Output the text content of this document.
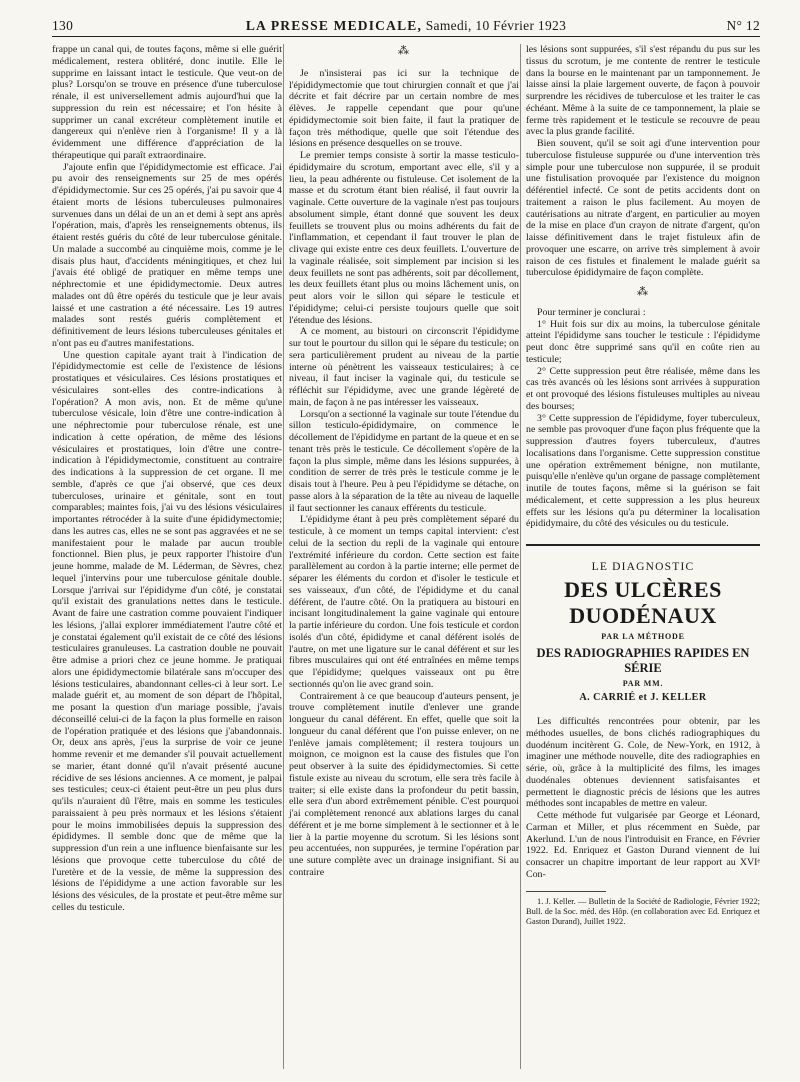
130	LA PRESSE MEDICALE, Samedi, 10 Février 1923	N° 12

frappe un canal qui, de toutes façons, même si elle guérit médicalement, restera oblitéré, donc inutile. Elle le supprime en laissant intact le testicule. Que veut-on de plus? Lorsqu'on se trouve en présence d'une tuberculose rénale, il est universellement admis aujourd'hui que la suppression du rein est nécessaire; et l'on hésite à supprimer un canal excréteur complètement inutile et dangereux qui n'enlève rien à l'organisme! Il y a là évidemment une différence d'appréciation de la thérapeutique qui paraît extraordinaire.

J'ajoute enfin que l'épididymectomie est efficace. J'ai pu avoir des renseignements sur 25 de mes opérés d'épididymectomie. Sur ces 25 opérés, j'ai pu savoir que 4 étaient morts de lésions tuberculeuses pulmonaires survenues dans un délai de un an et demi à sept ans après l'opération, mais, d'après les renseignements obtenus, ils étaient restés guéris du côté de leur tuberculose génitale. Un malade a succombé au cinquième mois, comme je le disais plus haut, d'accidents méningitiques, et chez lui j'avais été obligé de pratiquer en même temps une néphrectomie et une épididymectomie. Deux autres malades ont dû être opérés du testicule que je leur avais laissé et une castration a été nécessaire. Les 19 autres malades sont restés guéris complètement et définitivement de leurs lésions tuberculeuses génitales et n'ont pas eu d'autres manifestations.

Une question capitale ayant trait à l'indication de l'épididymectomie est celle de l'existence de lésions prostatiques et vésiculaires. Ces lésions prostatiques et vésiculaires sont-elles des contre-indications à l'opération? A mon avis, non. Et de même qu'une tuberculose vésicale, loin d'être une contre-indication à une néphrectomie pour tuberculose rénale, est une indication à cette opération, de même des lésions vésiculaires et prostatiques, loin d'être une contre-indication à l'épididymectomie, constituent au contraire des indications à la suppression de cet organe. Il me semble, d'après ce que j'ai observé, que ces deux tuberculoses, urinaire et génitale, sont en tout comparables; maintes fois, j'ai vu des lésions vésiculaires importantes rétrocéder à la suite d'une épididymectomie; dans les autres cas, elles ne se sont pas aggravées et ne se manifestaient pour le malade par aucun trouble fonctionnel. Bien plus, je peux rapporter l'histoire d'un jeune homme, malade de M. Léderman, de Sèvres, chez lequel j'intervins pour une tuberculose génitale double. Lorsque j'arrivai sur l'épididyme d'un côté, je constatai qu'il existait des granulations nettes dans le testicule. Avant de faire une castration comme pouvaient l'indiquer les lésions, j'allai explorer immédiatement l'autre côté et je constatai également qu'il existait de ce côté des lésions testiculaires granuleuses. La castration double ne pouvait être admise a priori chez ce jeune homme. Je pratiquai alors une épididymectomie bilatérale sans m'occuper des lésions testiculaires, abandonnant celles-ci à leur sort. Le malade guérit et, au moment de son départ de l'hôpital, me posant la question d'un mariage possible, j'avais déconseillé celui-ci de la façon la plus formelle en raison de l'opération pratiquée et des lésions que j'abandonnais. Or, deux ans après, j'eus la surprise de voir ce jeune homme revenir et me demander s'il pouvait actuellement se marier, étant donné qu'il n'avait présenté aucune récidive de ses lésions anciennes. A ce moment, je palpai ses testicules; ceux-ci étaient peut-être un peu plus durs qu'ils n'auraient dû l'être, mais en somme les testicules paraissaient à peu près normaux et les lésions s'étaient pour le moins immobilisées depuis la suppression des épididymes. Il semble donc que de même que la suppression d'un rein a une influence bienfaisante sur les lésions que provoque cette tuberculose du côté de l'uretère et de la vessie, de même la suppression des lésions de l'épididyme a une action favorable sur les lésions des vésicules, de la prostate et peut-être même sur celles du testicule.

⁂

Je n'insisterai pas ici sur la technique de l'épididymectomie que tout chirurgien connaît et que j'ai décrite et fait décrire par un certain nombre de mes élèves. Je rappelle cependant que pour qu'une épididymectomie soit bien faite, il faut la pratiquer de façon très méthodique, quelle que soit l'étendue des lésions en présence desquelles on se trouve.

Le premier temps consiste à sortir la masse testiculo-épididymaire du scrotum, emportant avec elle, s'il y a lieu, la peau adhérente ou fistuleuse. Cet isolement de la masse et du scrotum étant bien réalisé, il faut ouvrir la vaginale. Cette ouverture de la vaginale n'est pas toujours absolument simple, étant donné que souvent les deux feuillets se trouvent plus ou moins adhérents du fait de l'inflammation, et cependant il faut trouver le plan de clivage qui existe entre ces deux feuillets. L'ouverture de la vaginale réalisée, soit simplement par incision si les deux feuillets ne sont pas adhérents, soit par décollement, les deux feuillets étant plus ou moins lâchement unis, on peut alors voir le sillon qui sépare le testicule et l'épididyme; celui-ci persiste toujours quelle que soit l'étendue des lésions.

A ce moment, au bistouri on circonscrit l'épididyme sur tout le pourtour du sillon qui le sépare du testicule; on sera particulièrement prudent au niveau de la partie interne où pénètrent les vaisseaux testiculaires; à ce niveau, il faut inciser la vaginale qui, du testicule se réfléchit sur l'épididyme, avec une grande légèreté de main, de façon à ne pas intéresser les vaisseaux.

Lorsqu'on a sectionné la vaginale sur toute l'étendue du sillon testiculo-épididymaire, on commence le décollement de l'épididyme en partant de la queue et en se tenant très près le testicule. Ce décollement s'opère de la façon la plus simple, même dans les lésions suppurées, à condition de serrer de très près le testicule comme je le disais tout à l'heure. Peu à peu l'épididyme se détache, on passe alors à la séparation de la tête au niveau de laquelle il faut sectionner les canaux efférents du testicule.

L'épididyme étant à peu près complètement séparé du testicule, à ce moment un temps capital intervient: c'est celui de la section du repli de la vaginale qui entoure l'extrémité inférieure du cordon. Cette section est faite parallèlement au cordon à la partie interne; elle permet de séparer les éléments du cordon et d'isoler le testicule et ses vaisseaux, d'un côté, de l'épididyme et du canal déférent, de l'autre côté. On la pratiquera au bistouri en incisant longitudinalement la gaine vaginale qui entoure la partie inférieure du cordon. Une fois testicule et cordon isolés d'un côté, épididyme et canal déférent isolés de l'autre, on met une ligature sur le canal déférent et sur les fibres musculaires qui ont été entraînées en même temps que l'épididyme; quelques vaisseaux ont pu être sectionnés qu'on lie avec grand soin.

Contrairement à ce que beaucoup d'auteurs pensent, je trouve complètement inutile d'enlever une grande longueur du canal déférent. En effet, quelle que soit la longueur du canal déférent que l'on puisse enlever, on ne l'enlève jamais complètement; il restera toujours un moignon, ce moignon est la cause des fistules que l'on peut observer à la suite des épididymectomies. Si cette fistule existe au niveau du scrotum, elle sera très facile à traiter; si elle existe dans la profondeur du petit bassin, elle sera d'un abord extrêmement pénible. C'est pourquoi j'ai complètement renoncé aux ablations larges du canal déférent et je me borne simplement à le sectionner et à le lier à la partie moyenne du scrotum. Si les lésions sont peu accentuées, non suppurées, je termine l'opération par une suture complète avec un drainage insignifiant. Si au contraire

les lésions sont suppurées, s'il s'est répandu du pus sur les tissus du scrotum, je me contente de rentrer le testicule dans la bourse en le maintenant par un tamponnement. Je laisse ainsi la plaie largement ouverte, de façon à pouvoir surprendre les récidives de tuberculose et les traiter le cas échéant. Même à la suite de ce tamponnement, la plaie se ferme très rapidement et le testicule se recouvre de peau avec la plus grande facilité.

Bien souvent, qu'il se soit agi d'une intervention pour tuberculose fistuleuse suppurée ou d'une intervention très simple pour une tuberculose non suppurée, il se produit une fistulisation provoquée par l'existence du moignon déférentiel infecté. Ce sont de petits accidents dont on traitement a raison le plus facilement. Au moyen de cautérisations au nitrate d'argent, en particulier au moyen de la mise en place d'un crayon de nitrate d'argent, qu'on laisse définitivement dans le trajet fistuleux afin de provoquer une escarre, on arrive très simplement à avoir raison de ces fistules et finalement le malade guérit sa tuberculose épididymaire de façon complète.

⁂

Pour terminer je conclurai :

1° Huit fois sur dix au moins, la tuberculose génitale atteint l'épididyme sans toucher le testicule : l'épididyme peut donc être supprimé sans qu'il en coûte rien au testicule;

2° Cette suppression peut être réalisée, même dans les cas très avancés où les lésions sont arrivées à suppuration et ont provoqué des lésions fistuleuses multiples au niveau des bourses;

3° Cette suppression de l'épididyme, foyer tuberculeux, ne semble pas provoquer d'une façon plus fréquente que la suppression d'autres foyers tuberculeux, d'autres localisations dans l'organisme. Cette suppression constitue une opération extrêmement bénigne, non mutilante, puisqu'elle n'enlève qu'un organe de passage complètement inutile de toutes façons, même si la guérison se fait médicalement, et cette suppression a les plus heureux effets sur les lésions qu'a pu déterminer la localisation épididymaire, du côté des vésicules ou du testicule.

LE DIAGNOSTIC
DES ULCÈRES DUODÉNAUX
PAR LA MÉTHODE
DES RADIOGRAPHIES RAPIDES EN SÉRIE
PAR MM.
A. CARRIÉ et J. KELLER

Les difficultés rencontrées pour obtenir, par les méthodes usuelles, de bons clichés radiographiques du duodénum incitèrent G. Cole, de New-York, en 1912, à imaginer une méthode nouvelle, dite des radiographies en série, où, grâce à la multiplicité des films, les images duodénales obtenues deviennent satisfaisantes et permettent le diagnostic précis de lésions que les autres méthodes sont incapables de mettre en valeur.

Cette méthode fut vulgarisée par George et Léonard, Carman et Miller, et plus récemment en Suède, par Akerlund. L'un de nous l'introduisit en France, en Février 1922. Ed. Enriquez et Gaston Durand viennent de lui consacrer un chapitre important de leur rapport au XVIᵉ Con-

1. J. Keller. — Bulletin de la Société de Radiologie, Février 1922; Bull. de la Soc. méd. des Hôp. (en collaboration avec Ed. Enriquez et Gaston Durand), Juillet 1922.
